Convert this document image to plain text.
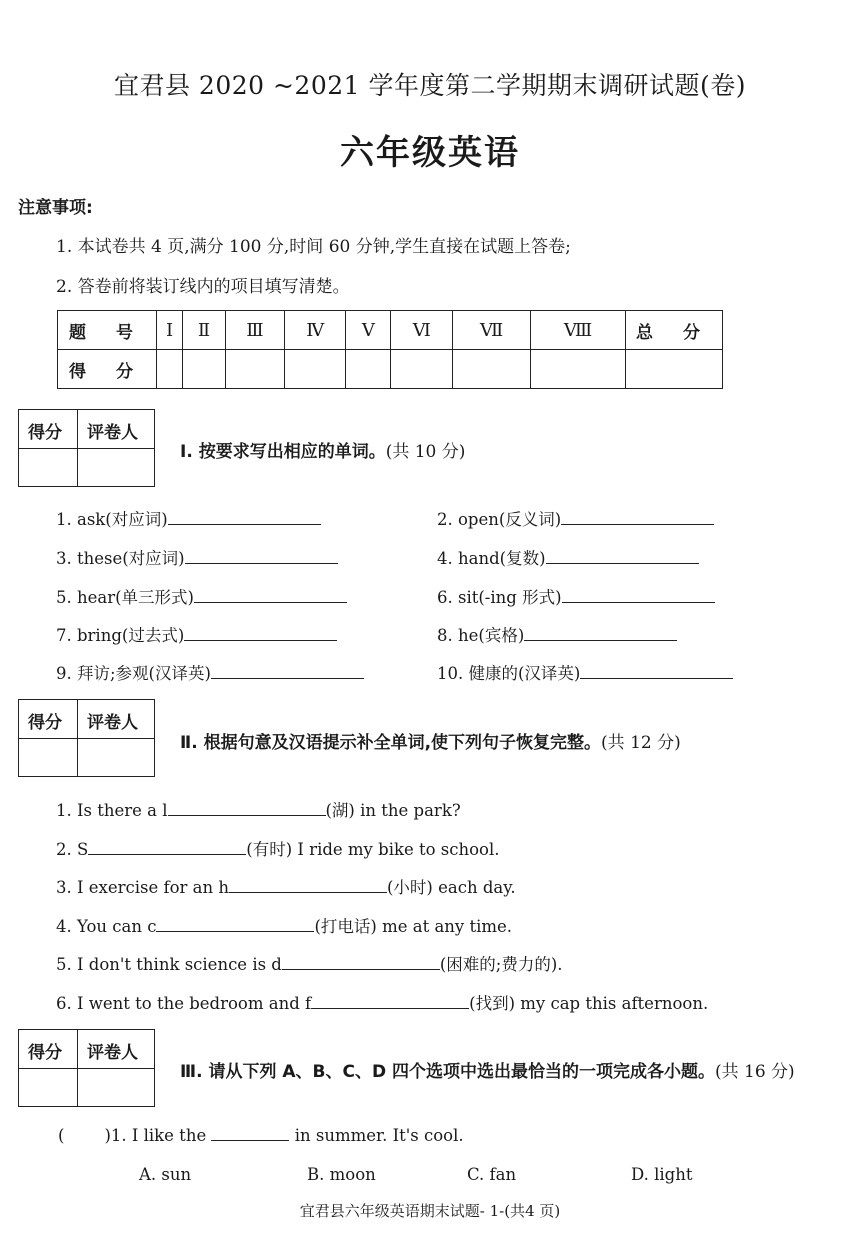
宜君县 2020 ~2021 学年度第二学期期末调研试题(卷)
六年级英语
注意事项:
1. 本试卷共 4 页,满分 100 分,时间 60 分钟,学生直接在试题上答卷;
2. 答卷前将装订线内的项目填写清楚。
题 号	Ⅰ	Ⅱ	Ⅲ	Ⅳ	Ⅴ	Ⅵ	Ⅶ	Ⅷ	总 分
得 分									
得分 评卷人
Ⅰ. 按要求写出相应的单词。(共 10 分)
1. ask(对应词)	2. open(反义词)
3. these(对应词)	4. hand(复数)
5. hear(单三形式)	6. sit(-ing 形式)
7. bring(过去式)	8. he(宾格)
9. 拜访;参观(汉译英)	10. 健康的(汉译英)
得分 评卷人
Ⅱ. 根据句意及汉语提示补全单词,使下列句子恢复完整。(共 12 分)
1. Is there a l	(湖) in the park?
2. S	(有时) I ride my bike to school.
3. I exercise for an h	(小时) each day.
4. You can c	(打电话) me at any time.
5. I don't think science is d	(困难的;费力的).
6. I went to the bedroom and f	(找到) my cap this afternoon.
得分 评卷人
Ⅲ. 请从下列 A、B、C、D 四个选项中选出最恰当的一项完成各小题。(共 16 分)
( )1. I like the	in summer. It's cool.
A. sun	B. moon	C. fan	D. light
宜君县六年级英语期末试题- 1-(共4 页)
